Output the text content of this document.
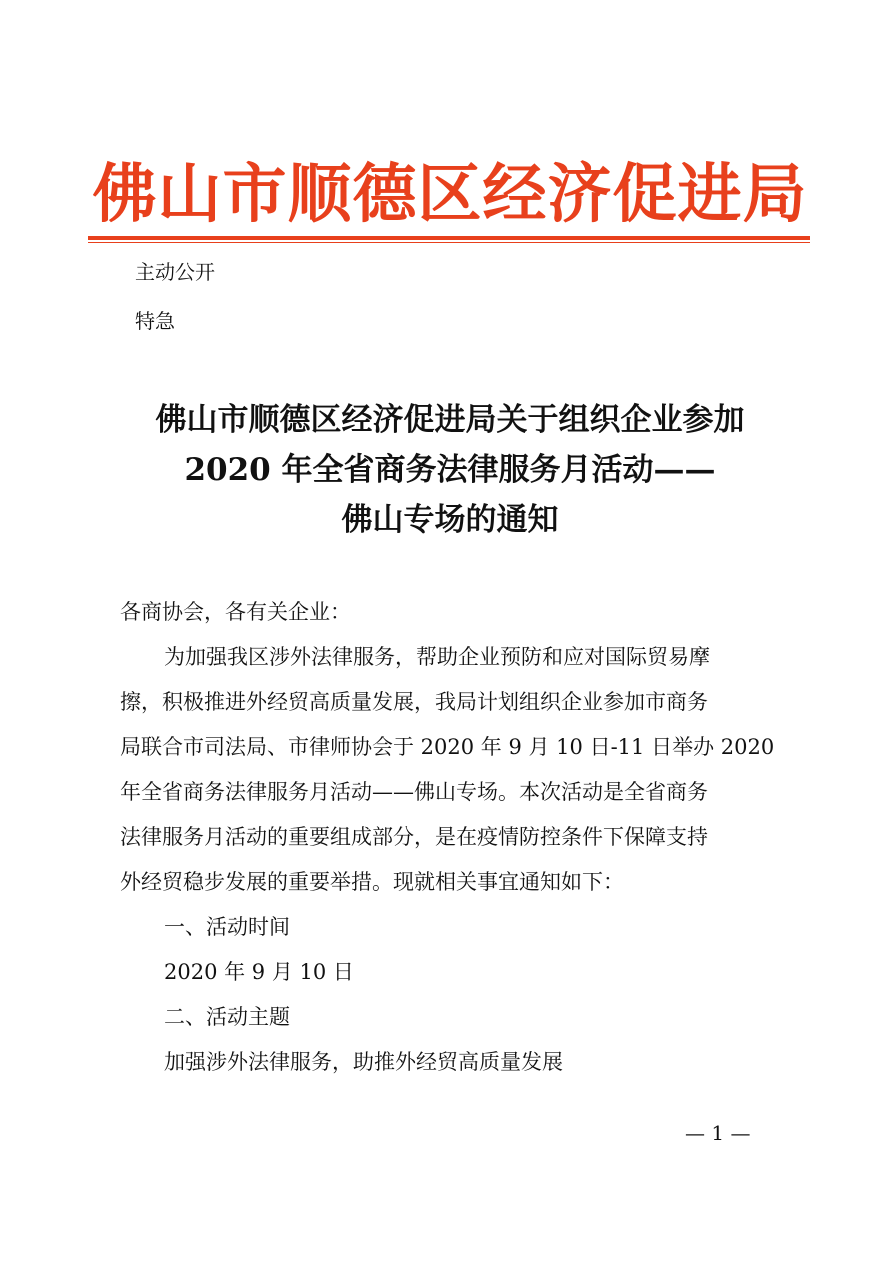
佛山市顺德区经济促进局
主动公开
特急
佛山市顺德区经济促进局关于组织企业参加
2020 年全省商务法律服务月活动——
佛山专场的通知
各商协会，各有关企业：
为加强我区涉外法律服务，帮助企业预防和应对国际贸易摩
擦，积极推进外经贸高质量发展，我局计划组织企业参加市商务
局联合市司法局、市律师协会于 2020 年 9 月 10 日-11 日举办 2020
年全省商务法律服务月活动——佛山专场。本次活动是全省商务
法律服务月活动的重要组成部分，是在疫情防控条件下保障支持
外经贸稳步发展的重要举措。现就相关事宜通知如下：
一、活动时间
2020 年 9 月 10 日
二、活动主题
加强涉外法律服务，助推外经贸高质量发展
— 1 —
